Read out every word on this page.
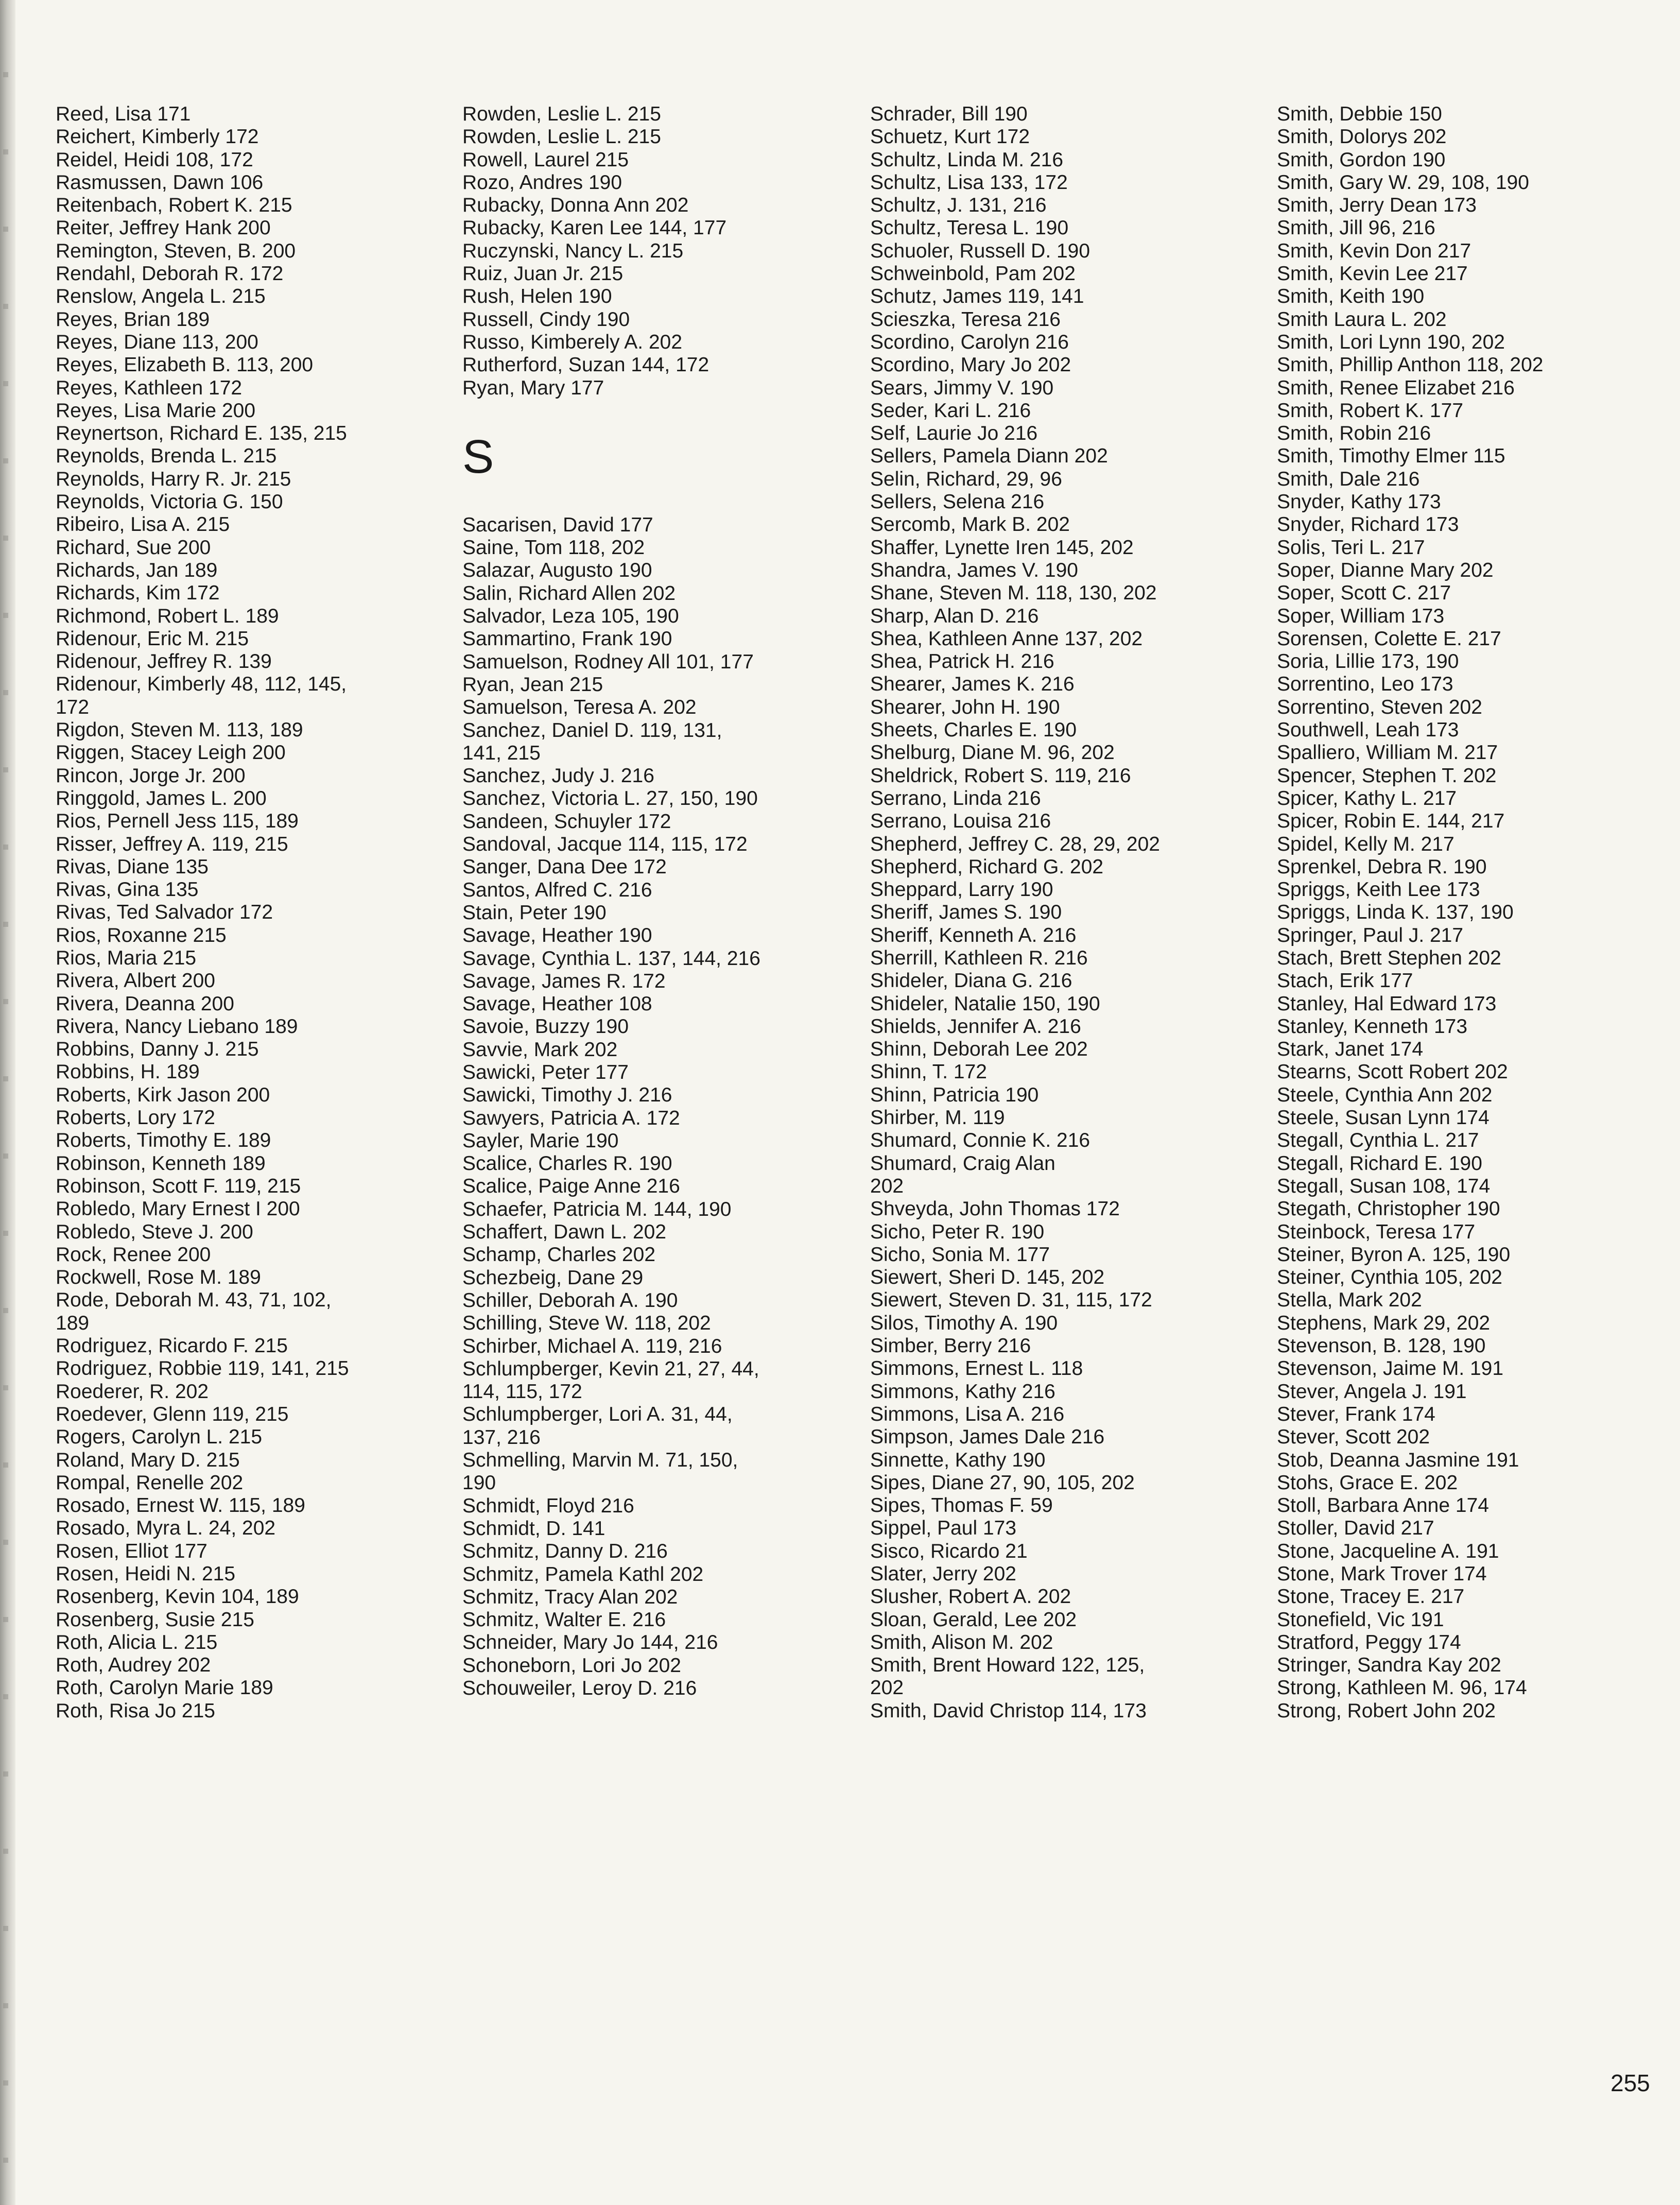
Reed, Lisa 171
Reichert, Kimberly 172
Reidel, Heidi 108, 172
Rasmussen, Dawn 106
Reitenbach, Robert K. 215
Reiter, Jeffrey Hank 200
Remington, Steven, B. 200
Rendahl, Deborah R. 172
Renslow, Angela L. 215
Reyes, Brian 189
Reyes, Diane 113, 200
Reyes, Elizabeth B. 113, 200
Reyes, Kathleen 172
Reyes, Lisa Marie 200
Reynertson, Richard E. 135, 215
Reynolds, Brenda L. 215
Reynolds, Harry R. Jr. 215
Reynolds, Victoria G. 150
Ribeiro, Lisa A. 215
Richard, Sue 200
Richards, Jan 189
Richards, Kim 172
Richmond, Robert L. 189
Ridenour, Eric M. 215
Ridenour, Jeffrey R. 139
Ridenour, Kimberly 48, 112, 145,
172
Rigdon, Steven M. 113, 189
Riggen, Stacey Leigh 200
Rincon, Jorge Jr. 200
Ringgold, James L. 200
Rios, Pernell Jess 115, 189
Risser, Jeffrey A. 119, 215
Rivas, Diane 135
Rivas, Gina 135
Rivas, Ted Salvador 172
Rios, Roxanne 215
Rios, Maria 215
Rivera, Albert 200
Rivera, Deanna 200
Rivera, Nancy Liebano 189
Robbins, Danny J. 215
Robbins, H. 189
Roberts, Kirk Jason 200
Roberts, Lory 172
Roberts, Timothy E. 189
Robinson, Kenneth 189
Robinson, Scott F. 119, 215
Robledo, Mary Ernest I 200
Robledo, Steve J. 200
Rock, Renee 200
Rockwell, Rose M. 189
Rode, Deborah M. 43, 71, 102,
189
Rodriguez, Ricardo F. 215
Rodriguez, Robbie 119, 141, 215
Roederer, R. 202
Roedever, Glenn 119, 215
Rogers, Carolyn L. 215
Roland, Mary D. 215
Rompal, Renelle 202
Rosado, Ernest W. 115, 189
Rosado, Myra L. 24, 202
Rosen, Elliot 177
Rosen, Heidi N. 215
Rosenberg, Kevin 104, 189
Rosenberg, Susie 215
Roth, Alicia L. 215
Roth, Audrey 202
Roth, Carolyn Marie 189
Roth, Risa Jo 215
Rowden, Leslie L. 215
Rowden, Leslie L. 215
Rowell, Laurel 215
Rozo, Andres 190
Rubacky, Donna Ann 202
Rubacky, Karen Lee 144, 177
Ruczynski, Nancy L. 215
Ruiz, Juan Jr. 215
Rush, Helen 190
Russell, Cindy 190
Russo, Kimberely A. 202
Rutherford, Suzan 144, 172
Ryan, Mary 177
S
Sacarisen, David 177
Saine, Tom 118, 202
Salazar, Augusto 190
Salin, Richard Allen 202
Salvador, Leza 105, 190
Sammartino, Frank 190
Samuelson, Rodney All 101, 177
Ryan, Jean 215
Samuelson, Teresa A. 202
Sanchez, Daniel D. 119, 131,
141, 215
Sanchez, Judy J. 216
Sanchez, Victoria L. 27, 150, 190
Sandeen, Schuyler 172
Sandoval, Jacque 114, 115, 172
Sanger, Dana Dee 172
Santos, Alfred C. 216
Stain, Peter 190
Savage, Heather 190
Savage, Cynthia L. 137, 144, 216
Savage, James R. 172
Savage, Heather 108
Savoie, Buzzy 190
Savvie, Mark 202
Sawicki, Peter 177
Sawicki, Timothy J. 216
Sawyers, Patricia A. 172
Sayler, Marie 190
Scalice, Charles R. 190
Scalice, Paige Anne 216
Schaefer, Patricia M. 144, 190
Schaffert, Dawn L. 202
Schamp, Charles 202
Schezbeig, Dane 29
Schiller, Deborah A. 190
Schilling, Steve W. 118, 202
Schirber, Michael A. 119, 216
Schlumpberger, Kevin 21, 27, 44,
114, 115, 172
Schlumpberger, Lori A. 31, 44,
137, 216
Schmelling, Marvin M. 71, 150,
190
Schmidt, Floyd 216
Schmidt, D. 141
Schmitz, Danny D. 216
Schmitz, Pamela Kathl 202
Schmitz, Tracy Alan 202
Schmitz, Walter E. 216
Schneider, Mary Jo 144, 216
Schoneborn, Lori Jo 202
Schouweiler, Leroy D. 216
Schrader, Bill 190
Schuetz, Kurt 172
Schultz, Linda M. 216
Schultz, Lisa 133, 172
Schultz, J. 131, 216
Schultz, Teresa L. 190
Schuoler, Russell D. 190
Schweinbold, Pam 202
Schutz, James 119, 141
Scieszka, Teresa 216
Scordino, Carolyn 216
Scordino, Mary Jo 202
Sears, Jimmy V. 190
Seder, Kari L. 216
Self, Laurie Jo 216
Sellers, Pamela Diann 202
Selin, Richard, 29, 96
Sellers, Selena 216
Sercomb, Mark B. 202
Shaffer, Lynette Iren 145, 202
Shandra, James V. 190
Shane, Steven M. 118, 130, 202
Sharp, Alan D. 216
Shea, Kathleen Anne 137, 202
Shea, Patrick H. 216
Shearer, James K. 216
Shearer, John H. 190
Sheets, Charles E. 190
Shelburg, Diane M. 96, 202
Sheldrick, Robert S. 119, 216
Serrano, Linda 216
Serrano, Louisa 216
Shepherd, Jeffrey C. 28, 29, 202
Shepherd, Richard G. 202
Sheppard, Larry 190
Sheriff, James S. 190
Sheriff, Kenneth A. 216
Sherrill, Kathleen R. 216
Shideler, Diana G. 216
Shideler, Natalie 150, 190
Shields, Jennifer A. 216
Shinn, Deborah Lee 202
Shinn, T. 172
Shinn, Patricia 190
Shirber, M. 119
Shumard, Connie K. 216
Shumard, Craig Alan
202
Shveyda, John Thomas 172
Sicho, Peter R. 190
Sicho, Sonia M. 177
Siewert, Sheri D. 145, 202
Siewert, Steven D. 31, 115, 172
Silos, Timothy A. 190
Simber, Berry 216
Simmons, Ernest L. 118
Simmons, Kathy 216
Simmons, Lisa A. 216
Simpson, James Dale 216
Sinnette, Kathy 190
Sipes, Diane 27, 90, 105, 202
Sipes, Thomas F. 59
Sippel, Paul 173
Sisco, Ricardo 21
Slater, Jerry 202
Slusher, Robert A. 202
Sloan, Gerald, Lee 202
Smith, Alison M. 202
Smith, Brent Howard 122, 125,
202
Smith, David Christop 114, 173
Smith, Debbie 150
Smith, Dolorys 202
Smith, Gordon 190
Smith, Gary W. 29, 108, 190
Smith, Jerry Dean 173
Smith, Jill 96, 216
Smith, Kevin Don 217
Smith, Kevin Lee 217
Smith, Keith 190
Smith Laura L. 202
Smith, Lori Lynn 190, 202
Smith, Phillip Anthon 118, 202
Smith, Renee Elizabet 216
Smith, Robert K. 177
Smith, Robin 216
Smith, Timothy Elmer 115
Smith, Dale 216
Snyder, Kathy 173
Snyder, Richard 173
Solis, Teri L. 217
Soper, Dianne Mary 202
Soper, Scott C. 217
Soper, William 173
Sorensen, Colette E. 217
Soria, Lillie 173, 190
Sorrentino, Leo 173
Sorrentino, Steven 202
Southwell, Leah 173
Spalliero, William M. 217
Spencer, Stephen T. 202
Spicer, Kathy L. 217
Spicer, Robin E. 144, 217
Spidel, Kelly M. 217
Sprenkel, Debra R. 190
Spriggs, Keith Lee 173
Spriggs, Linda K. 137, 190
Springer, Paul J. 217
Stach, Brett Stephen 202
Stach, Erik 177
Stanley, Hal Edward 173
Stanley, Kenneth 173
Stark, Janet 174
Stearns, Scott Robert 202
Steele, Cynthia Ann 202
Steele, Susan Lynn 174
Stegall, Cynthia L. 217
Stegall, Richard E. 190
Stegall, Susan 108, 174
Stegath, Christopher 190
Steinbock, Teresa 177
Steiner, Byron A. 125, 190
Steiner, Cynthia 105, 202
Stella, Mark 202
Stephens, Mark 29, 202
Stevenson, B. 128, 190
Stevenson, Jaime M. 191
Stever, Angela J. 191
Stever, Frank 174
Stever, Scott 202
Stob, Deanna Jasmine 191
Stohs, Grace E. 202
Stoll, Barbara Anne 174
Stoller, David 217
Stone, Jacqueline A. 191
Stone, Mark Trover 174
Stone, Tracey E. 217
Stonefield, Vic 191
Stratford, Peggy 174
Stringer, Sandra Kay 202
Strong, Kathleen M. 96, 174
Strong, Robert John 202
255
